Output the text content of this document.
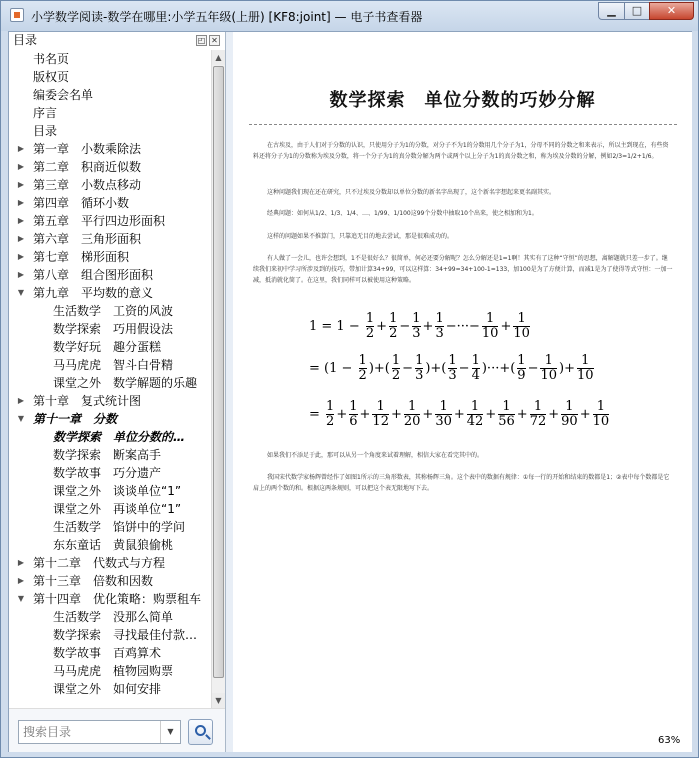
小学数学阅读-数学在哪里:小学五年级(上册) [KF8:joint] — 电子书查看器	▁	□	✕
目录	◰ ✕
书名页
版权页
编委会名单
序言
目录
▶ 第一章　小数乘除法
▶ 第二章　积商近似数
▶ 第三章　小数点移动
▶ 第四章　循环小数
▶ 第五章　平行四边形面积
▶ 第六章　三角形面积
▶ 第七章　梯形面积
▶ 第八章　组合图形面积
▼ 第九章　平均数的意义
生活数学　工资的风波
数学探索　巧用假设法
数学好玩　趣分蛋糕
马马虎虎　智斗白骨精
课堂之外　数学解题的乐趣
▶ 第十章　复式统计图
▼ 第十一章　分数
数学探索　单位分数的…
数学探索　断案高手
数学故事　巧分遗产
课堂之外　谈谈单位“1”
课堂之外　再谈单位“1”
生活数学　馅饼中的学问
东东童话　黄鼠狼偷桃
▶ 第十二章　代数式与方程
▶ 第十三章　倍数和因数
▼ 第十四章　优化策略：购票租车
生活数学　没那么简单
数学探索　寻找最佳付款…
数学故事　百鸡算术
马马虎虎　植物园购票
课堂之外　如何安排
▲
▼
搜索目录
▼
数学探索　单位分数的巧妙分解
在古埃及，由于人们对于分数的认识，只使用分子为1的分数，对分子不为1的分数用几个分子为1，分母不同的分数之和来表示，所以主到现在，有些资料还将分子为1的分数称为埃及分数，将一个分子为1的真分数分解为两个或两个以上分子为1的真分数之和，称为埃及分数的分解，例如2/3=1/2+1/6。
这种问题我们现在还在研究，只不过埃及分数却以单位分数的新名字出现了，这个新名字想起来更名副其实。
经典问题：如何从1/2、1/3、1/4、…、1/99、1/100这99个分数中抽取10个出来，使之相加和为1。
这样的问题如果不推算门，只靠追无目的地去尝试，那是很难成功的。
有人做了一会儿，也许会想到，1不是很好么？很简单，何必还要分解呢？怎么分解还是1=1啊！其实有了这种“守恒”的思想，离解题就只差一步了。继续我们来初中学习所涉及到的技巧，带加计算34+99，可以这样算：34+99=34+100-1=133，加100是为了方便计算，而减1是为了使得等式守恒：一加一减，抵消就化简了。在这里，我们同样可以被使用这种策略。
$1 = 1 - \frac{1}{2} + \frac{1}{2} - \frac{1}{3} + \frac{1}{3}$ −···− $\frac{1}{10} + \frac{1}{10}$
= ($1 - \frac{1}{2}$ )+( $\frac{1}{2} - \frac{1}{3}$ )+( $\frac{1}{3} - \frac{1}{4}$ )···+( $\frac{1}{9} - \frac{1}{10}$ )+ $\frac{1}{10}$
= $\frac{1}{2} + \frac{1}{6} + \frac{1}{12} + \frac{1}{20} + \frac{1}{30} + \frac{1}{42} + \frac{1}{56} + \frac{1}{72} + \frac{1}{90} + \frac{1}{10}$
如果我们不添足于此，那可以从另一个角度来试着理解，相信大家在看完其中的。
我国宋代数学家杨辉曾经作了如图1所示的三角形数表，其称杨辉三角。这个表中的数据有规律：①每一行的开始和结束的数都是1；②表中每个数都是它肩上的两个数的和。根据这两条规则，可以把这个表无限地写下去。
63%
